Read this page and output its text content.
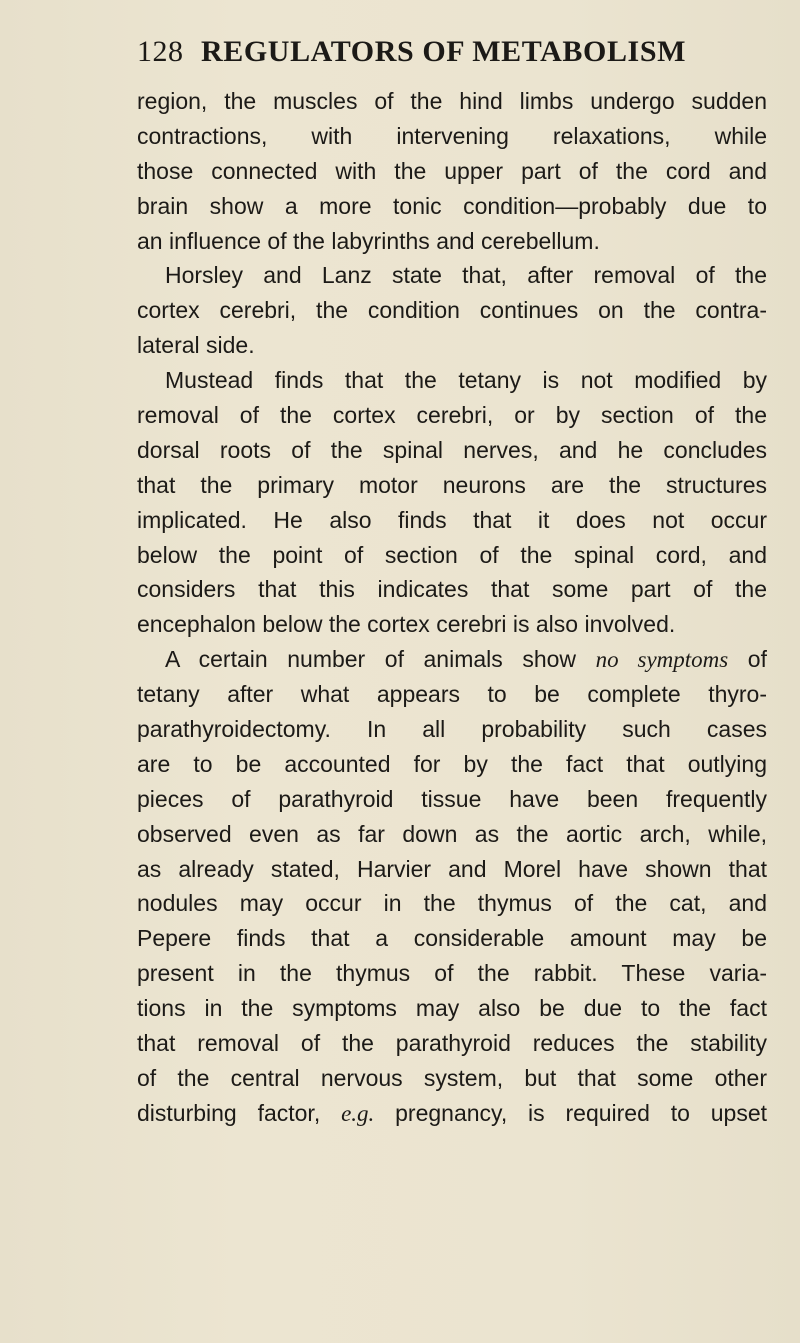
128 REGULATORS OF METABOLISM
region, the muscles of the hind limbs undergo sudden
contractions, with intervening relaxations, while
those connected with the upper part of the cord and
brain show a more tonic condition—probably due to
an influence of the labyrinths and cerebellum.
Horsley and Lanz state that, after removal of the
cortex cerebri, the condition continues on the contra-
lateral side.
Mustead finds that the tetany is not modified by
removal of the cortex cerebri, or by section of the
dorsal roots of the spinal nerves, and he concludes
that the primary motor neurons are the structures
implicated. He also finds that it does not occur
below the point of section of the spinal cord, and
considers that this indicates that some part of the
encephalon below the cortex cerebri is also involved.
A certain number of animals show no symptoms of
tetany after what appears to be complete thyro-
parathyroidectomy. In all probability such cases
are to be accounted for by the fact that outlying
pieces of parathyroid tissue have been frequently
observed even as far down as the aortic arch, while,
as already stated, Harvier and Morel have shown that
nodules may occur in the thymus of the cat, and
Pepere finds that a considerable amount may be
present in the thymus of the rabbit. These varia-
tions in the symptoms may also be due to the fact
that removal of the parathyroid reduces the stability
of the central nervous system, but that some other
disturbing factor, e.g. pregnancy, is required to upset
